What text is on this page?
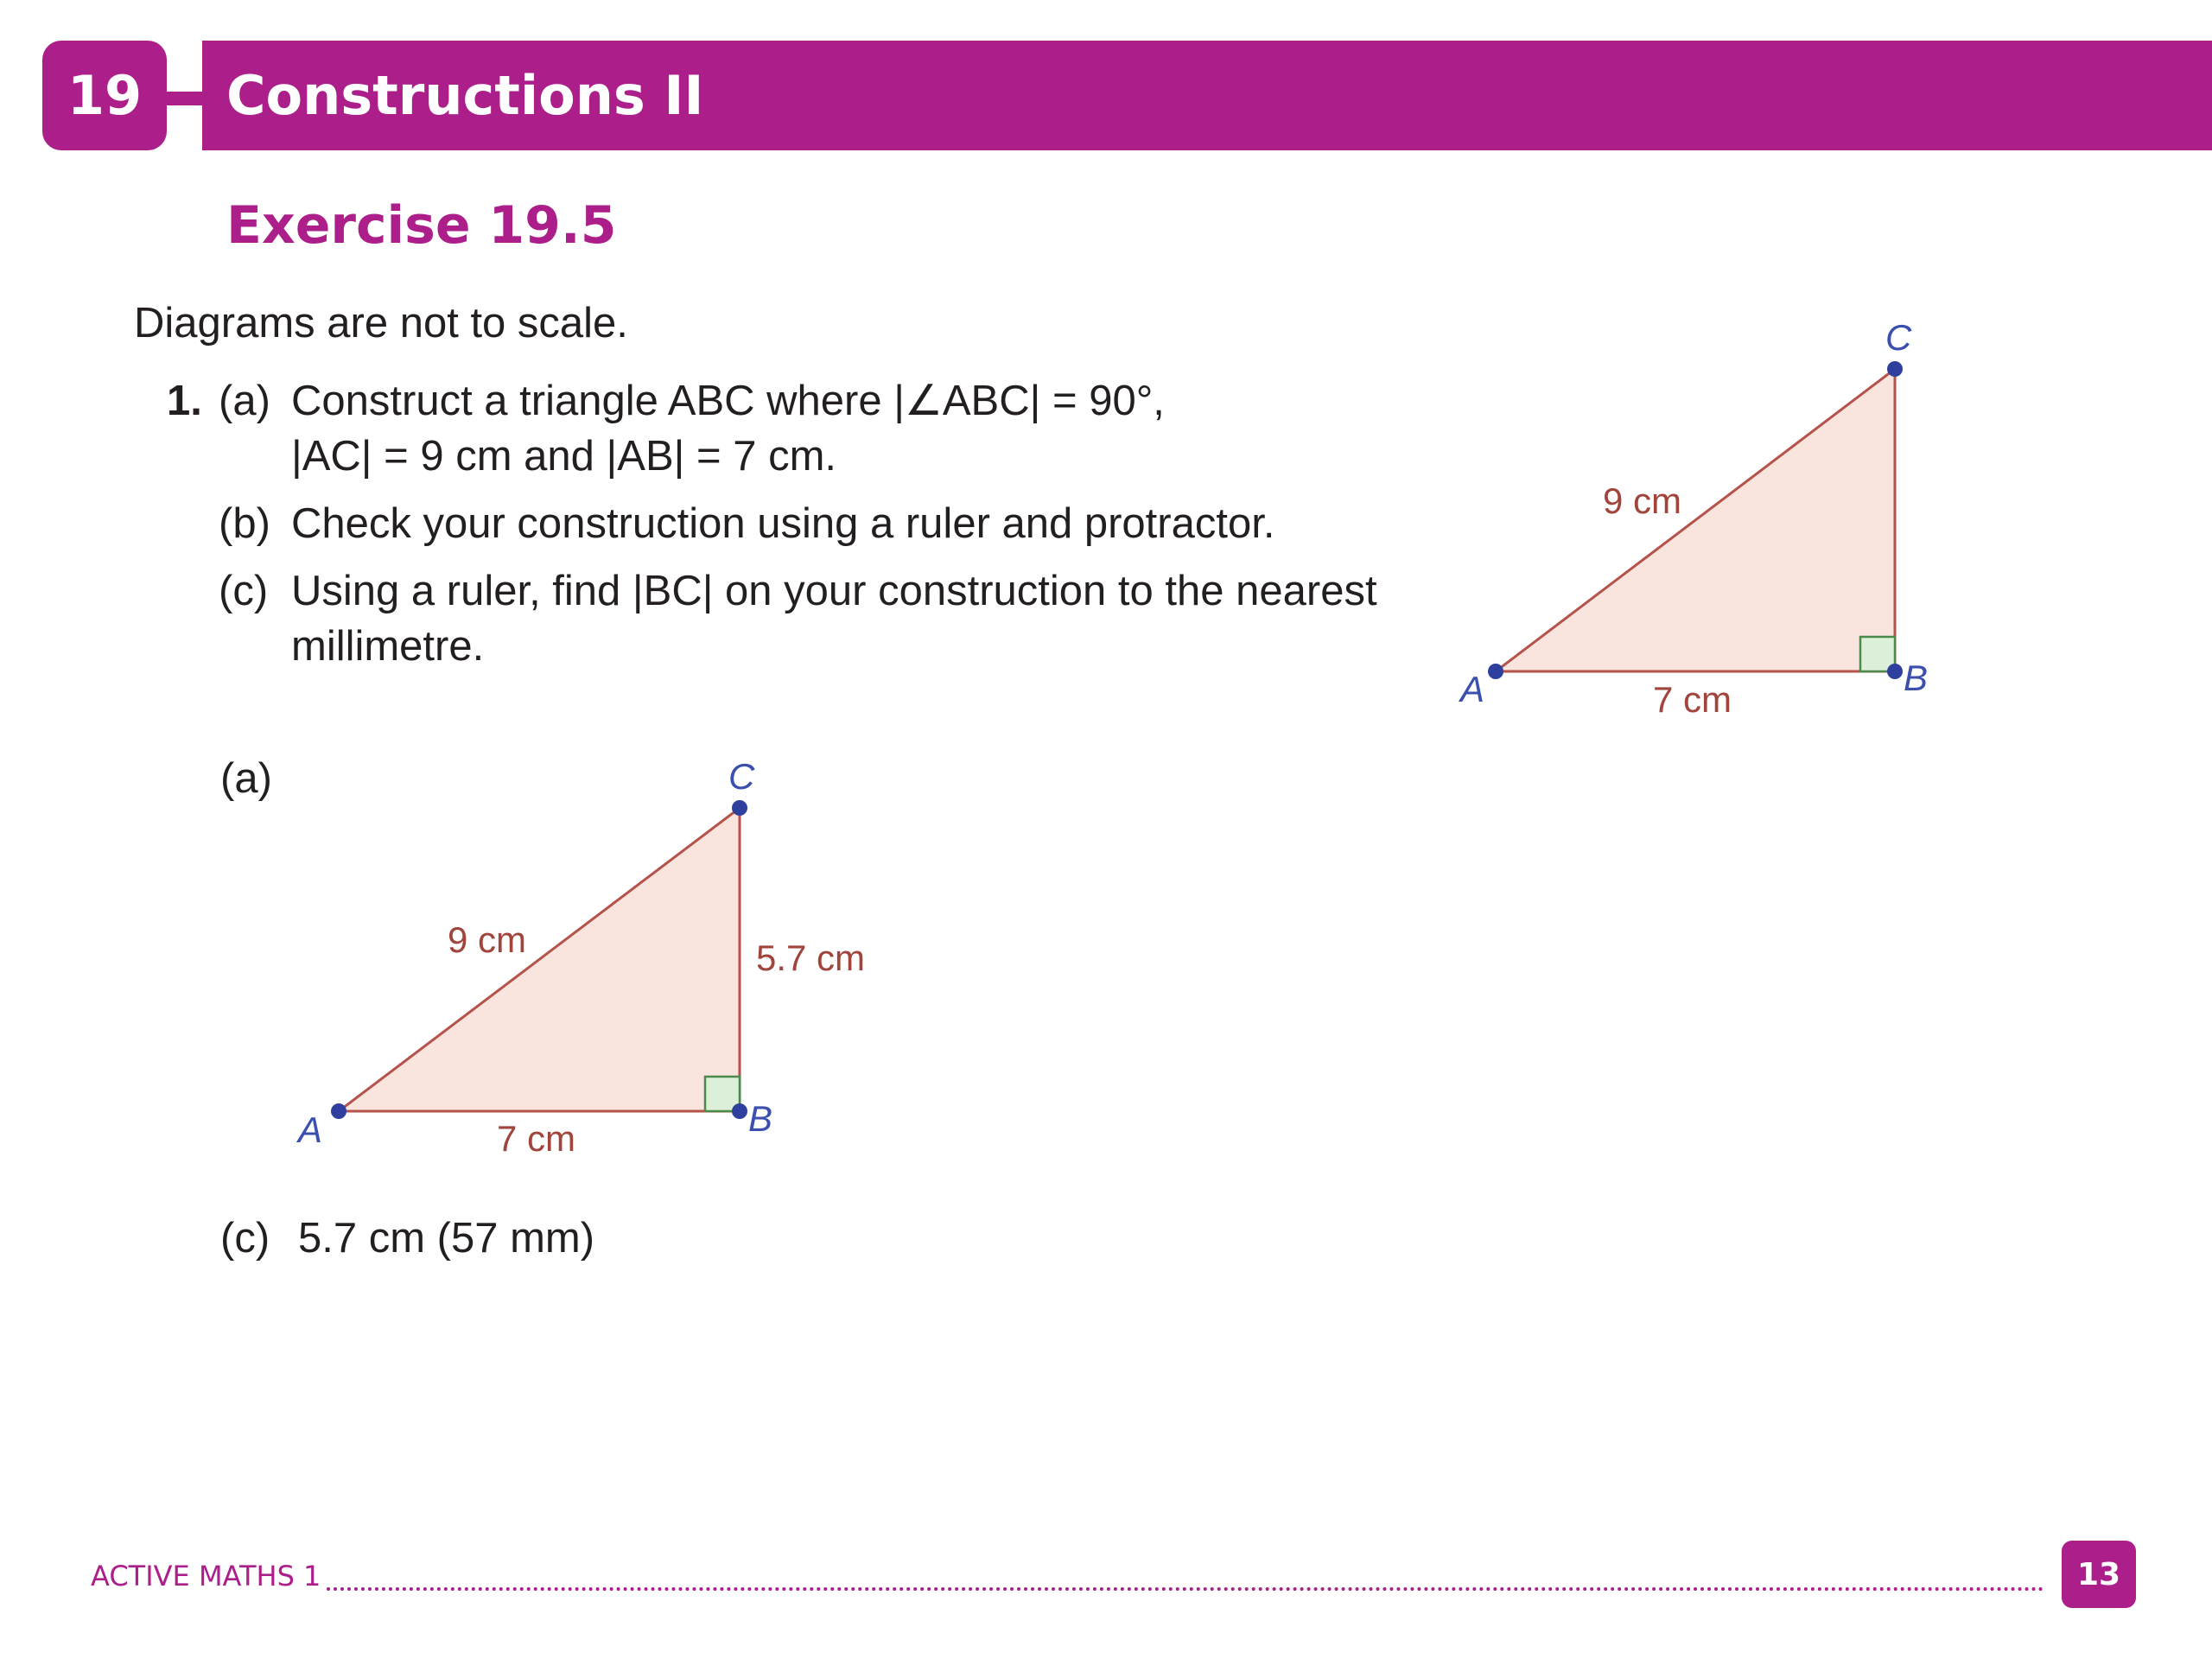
19 Constructions II
Exercise 19.5
Diagrams are not to scale.
1. (a) Construct a triangle ABC where |∠ABC| = 90°,
|AC| = 9 cm and |AB| = 7 cm.
(b) Check your construction using a ruler and protractor.
(c) Using a ruler, find |BC| on your construction to the nearest
millimetre.
A	B
C
9 cm
7 cm
(a)
A	B
C
9 cm
7 cm
5.7 cm
(c) 5.7 cm (57 mm)
ACTIVE MATHS 1	13
